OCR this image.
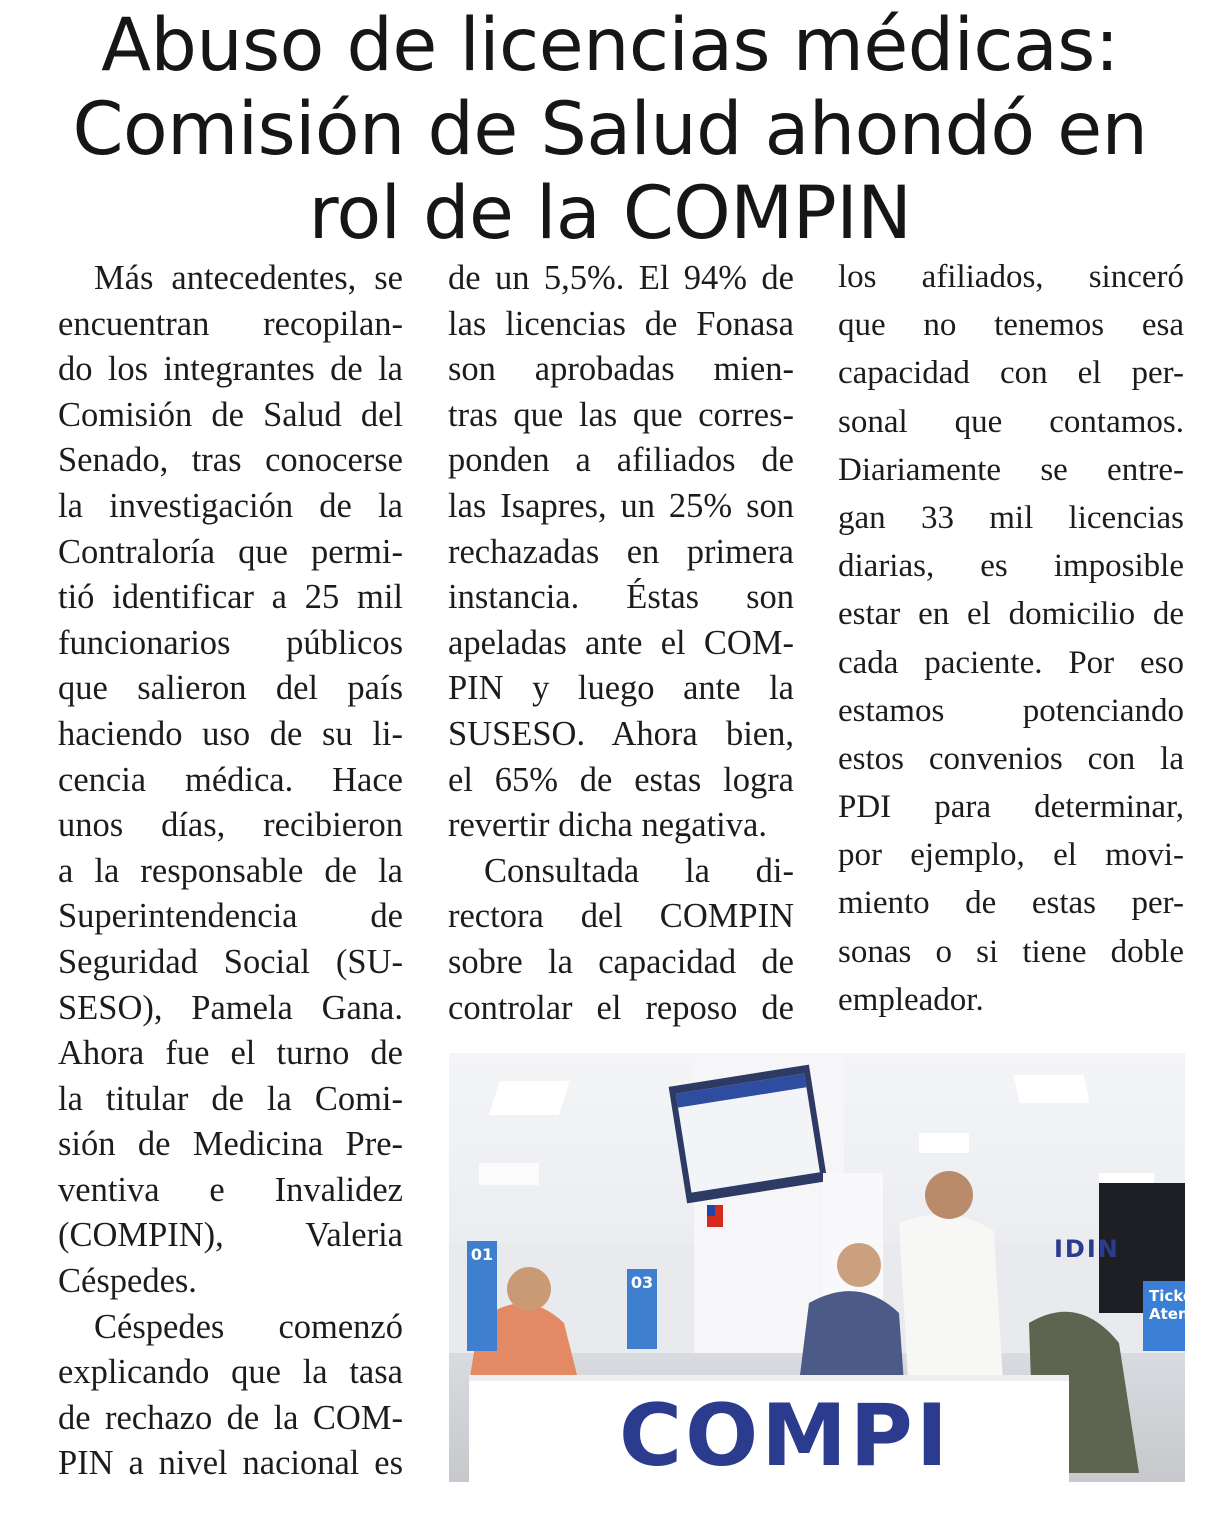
Abuso de licencias médicas:
Comisión de Salud ahondó en
rol de la COMPIN
Más antecedentes, se
encuentran recopilan-
do los integrantes de la
Comisión de Salud del
Senado, tras conocerse
la investigación de la
Contraloría que permi-
tió identificar a 25 mil
funcionarios públicos
que salieron del país
haciendo uso de su li-
cencia médica. Hace
unos días, recibieron
a la responsable de la
Superintendencia de
Seguridad Social (SU-
SESO), Pamela Gana.
Ahora fue el turno de
la titular de la Comi-
sión de Medicina Pre-
ventiva e Invalidez
(COMPIN), Valeria
Céspedes.
Céspedes comenzó
explicando que la tasa
de rechazo de la COM-
PIN a nivel nacional es
de un 5,5%. El 94% de
las licencias de Fonasa
son aprobadas mien-
tras que las que corres-
ponden a afiliados de
las Isapres, un 25% son
rechazadas en primera
instancia. Éstas son
apeladas ante el COM-
PIN y luego ante la
SUSESO. Ahora bien,
el 65% de estas logra
revertir dicha negativa.
Consultada la di-
rectora del COMPIN
sobre la capacidad de
controlar el reposo de
los afiliados, sinceró
que no tenemos esa
capacidad con el per-
sonal que contamos.
Diariamente se entre-
gan 33 mil licencias
diarias, es imposible
estar en el domicilio de
cada paciente. Por eso
estamos potenciando
estos convenios con la
PDI para determinar,
por ejemplo, el movi-
miento de estas per-
sonas o si tiene doble
empleador.
01
03
IDIN
Ticke
Aten
COMPI
